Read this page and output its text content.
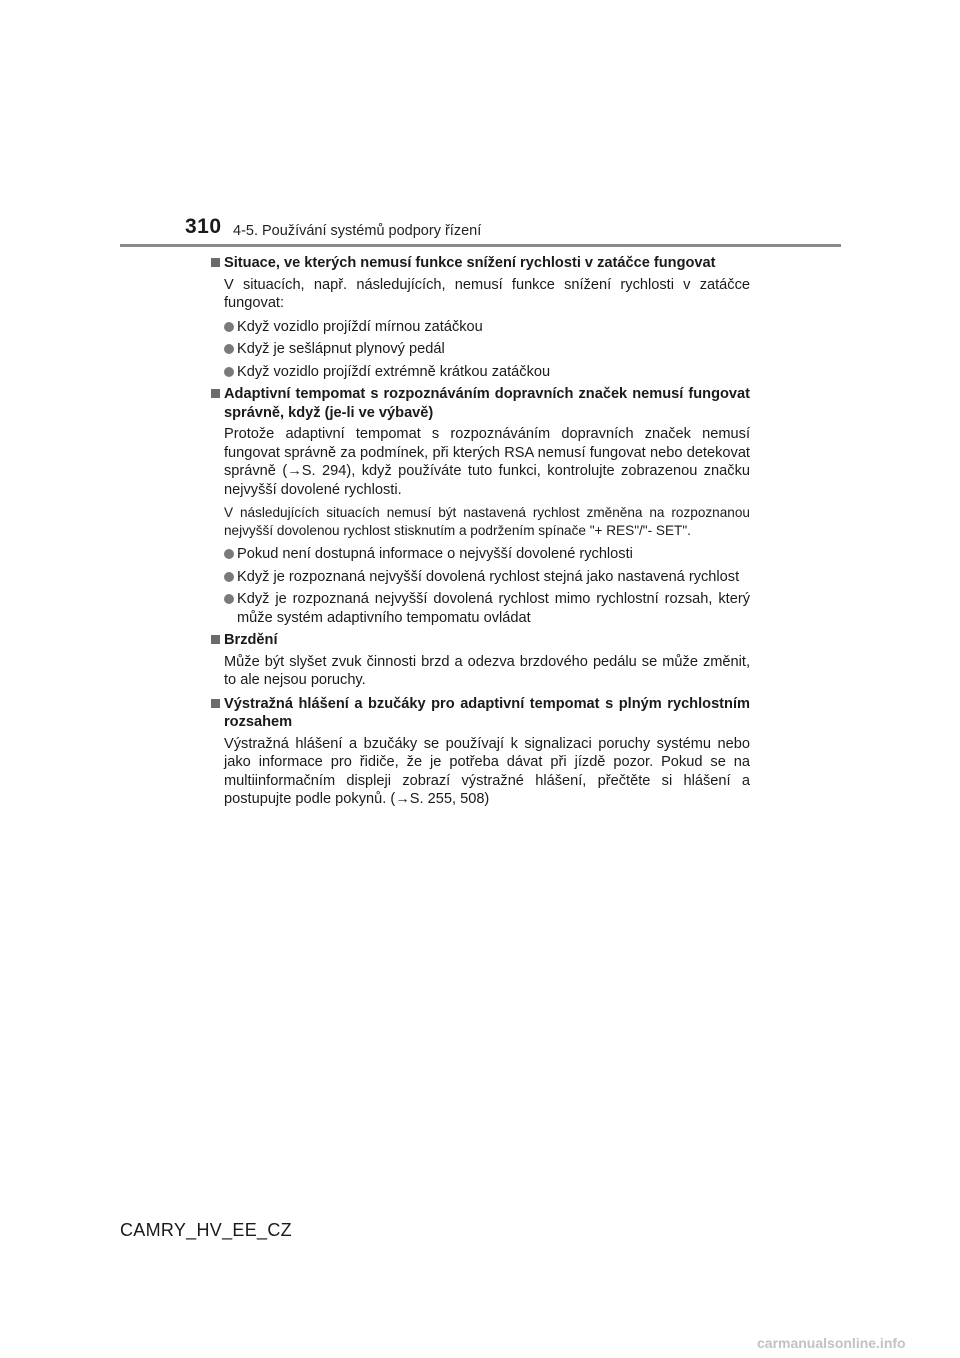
310 4-5. Používání systémů podpory řízení
Situace, ve kterých nemusí funkce snížení rychlosti v zatáčce fungovat
V situacích, např. následujících, nemusí funkce snížení rychlosti v zatáčce fungovat:
Když vozidlo projíždí mírnou zatáčkou
Když je sešlápnut plynový pedál
Když vozidlo projíždí extrémně krátkou zatáčkou
Adaptivní tempomat s rozpoznáváním dopravních značek nemusí fungovat správně, když (je-li ve výbavě)
Protože adaptivní tempomat s rozpoznáváním dopravních značek nemusí fungovat správně za podmínek, při kterých RSA nemusí fungovat nebo detekovat správně (→S. 294), když používáte tuto funkci, kontrolujte zobrazenou značku nejvyšší dovolené rychlosti.
V následujících situacích nemusí být nastavená rychlost změněna na rozpoznanou nejvyšší dovolenou rychlost stisknutím a podržením spínače "+ RES"/"- SET".
Pokud není dostupná informace o nejvyšší dovolené rychlosti
Když je rozpoznaná nejvyšší dovolená rychlost stejná jako nastavená rychlost
Když je rozpoznaná nejvyšší dovolená rychlost mimo rychlostní rozsah, který může systém adaptivního tempomatu ovládat
Brzdění
Může být slyšet zvuk činnosti brzd a odezva brzdového pedálu se může změnit, to ale nejsou poruchy.
Výstražná hlášení a bzučáky pro adaptivní tempomat s plným rychlostním rozsahem
Výstražná hlášení a bzučáky se používají k signalizaci poruchy systému nebo jako informace pro řidiče, že je potřeba dávat při jízdě pozor. Pokud se na multiinformačním displeji zobrazí výstražné hlášení, přečtěte si hlášení a postupujte podle pokynů. (→S. 255, 508)
CAMRY_HV_EE_CZ
carmanualsonline.info
